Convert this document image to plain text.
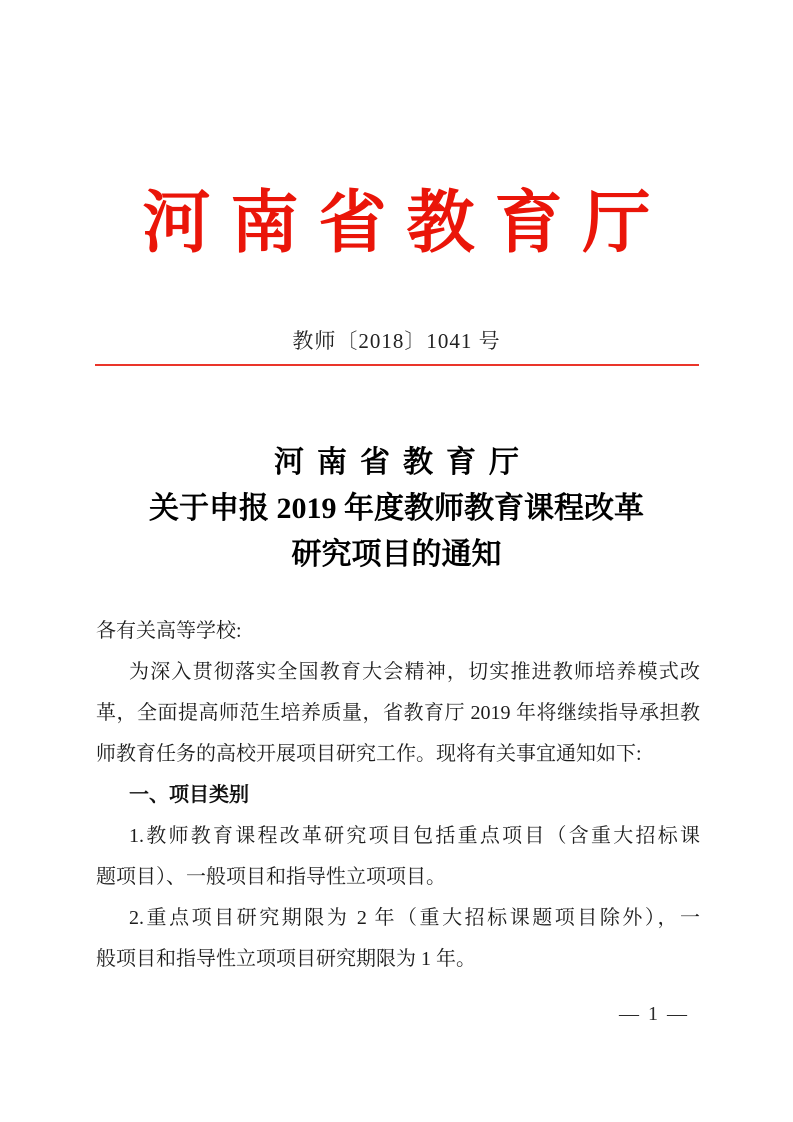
河南省教育厅
教师〔2018〕1041 号
河南省教育厅
关于申报 2019 年度教师教育课程改革
研究项目的通知
各有关高等学校:
为深入贯彻落实全国教育大会精神，切实推进教师培养模式改
革，全面提高师范生培养质量，省教育厅 2019 年将继续指导承担教
师教育任务的高校开展项目研究工作。现将有关事宜通知如下:
一、项目类别
1.教师教育课程改革研究项目包括重点项目（含重大招标课
题项目）、一般项目和指导性立项项目。
2.重点项目研究期限为 2 年（重大招标课题项目除外），一
般项目和指导性立项项目研究期限为 1 年。
— 1 —
